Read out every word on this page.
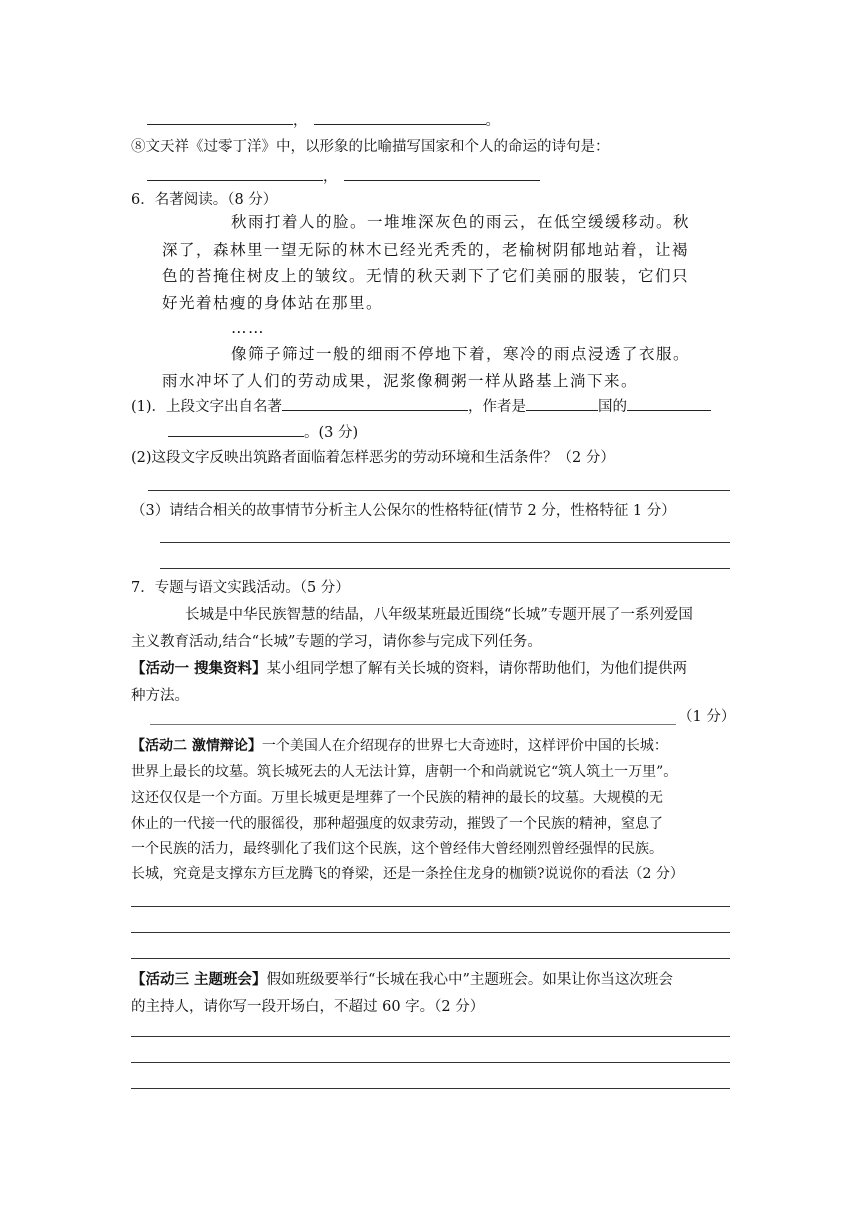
，	。
⑧文天祥《过零丁洋》中，以形象的比喻描写国家和个人的命运的诗句是：
，
6．名著阅读。（8 分）
秋雨打着人的脸。一堆堆深灰色的雨云，在低空缓缓移动。秋
深了，森林里一望无际的林木已经光秃秃的，老榆树阴郁地站着，让褐
色的苔掩住树皮上的皱纹。无情的秋天剥下了它们美丽的服装，它们只
好光着枯瘦的身体站在那里。
……
像筛子筛过一般的细雨不停地下着，寒冷的雨点浸透了衣服。
雨水冲坏了人们的劳动成果，泥浆像稠粥一样从路基上淌下来。
(1)．上段文字出自名著	，作者是	国的
。(3 分)
(2)这段文字反映出筑路者面临着怎样恶劣的劳动环境和生活条件？（2 分）
（3）请结合相关的故事情节分析主人公保尔的性格特征(情节 2 分，性格特征 1 分）
7．专题与语文实践活动。（5 分）
长城是中华民族智慧的结晶，八年级某班最近围绕“长城”专题开展了一系列爱国
主义教育活动,结合“长城”专题的学习，请你参与完成下列任务。
【活动一 搜集资料】某小组同学想了解有关长城的资料，请你帮助他们，为他们提供两
种方法。
（1 分）
【活动二 激情辩论】一个美国人在介绍现存的世界七大奇迹时，这样评价中国的长城：
世界上最长的坟墓。筑长城死去的人无法计算，唐朝一个和尚就说它“筑人筑土一万里”。
这还仅仅是一个方面。万里长城更是埋葬了一个民族的精神的最长的坟墓。大规模的无
休止的一代接一代的服徭役，那种超强度的奴隶劳动，摧毁了一个民族的精神，窒息了
一个民族的活力，最终驯化了我们这个民族，这个曾经伟大曾经刚烈曾经强悍的民族。
长城，究竟是支撑东方巨龙腾飞的脊梁，还是一条拴住龙身的枷锁?说说你的看法（2 分）
【活动三 主题班会】假如班级要举行“长城在我心中”主题班会。如果让你当这次班会
的主持人，请你写一段开场白，不超过 60 字。（2 分）
